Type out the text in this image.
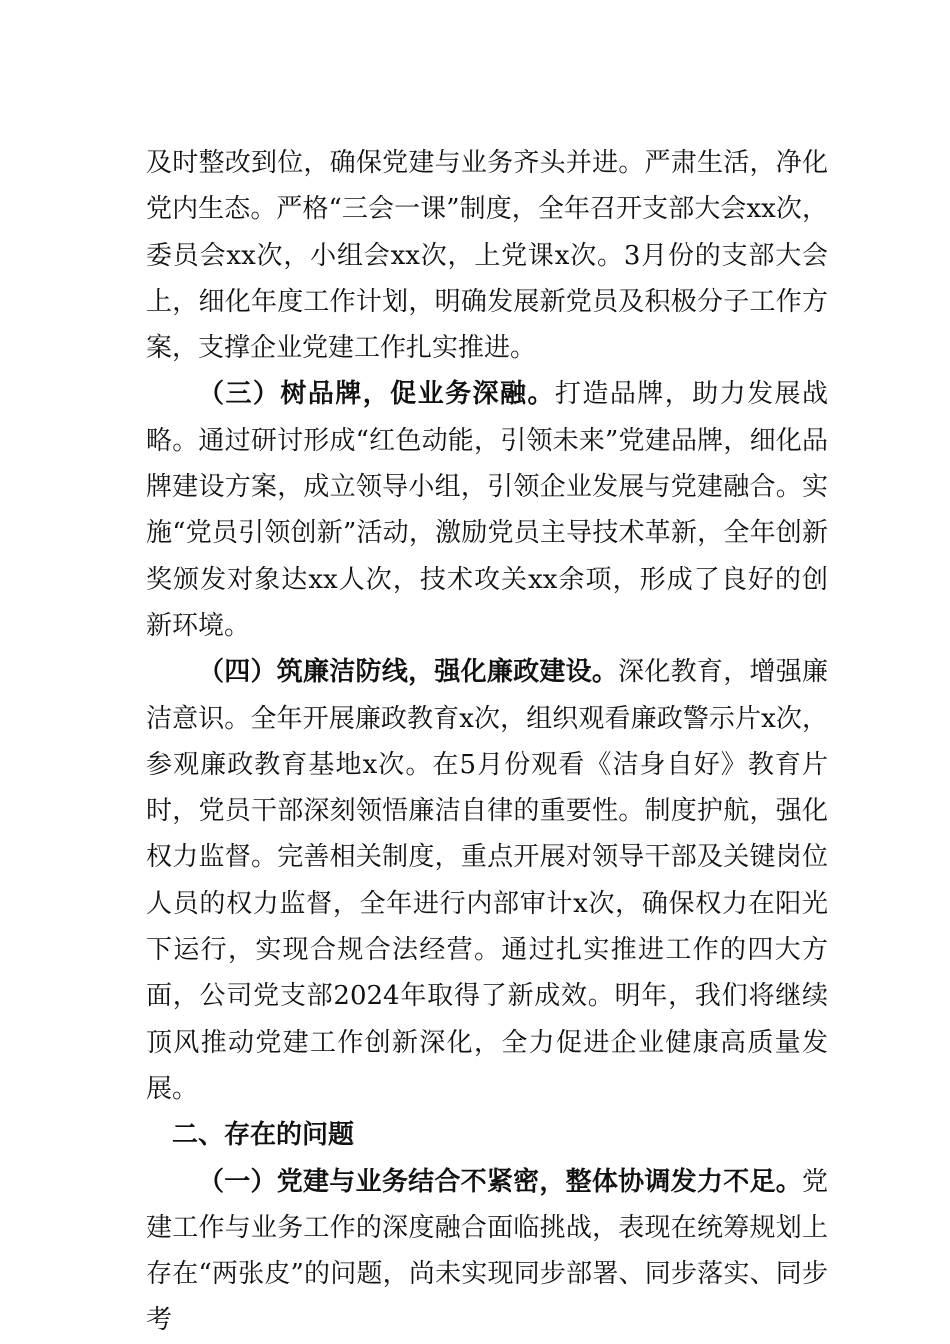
及时整改到位，确保党建与业务齐头并进。严肃生活，净化党内生态。严格“三会一课”制度，全年召开支部大会xx次，委员会xx次，小组会xx次，上党课x次。3月份的支部大会上，细化年度工作计划，明确发展新党员及积极分子工作方案，支撑企业党建工作扎实推进。

（三）树品牌，促业务深融。打造品牌，助力发展战略。通过研讨形成“红色动能，引领未来”党建品牌，细化品牌建设方案，成立领导小组，引领企业发展与党建融合。实施“党员引领创新”活动，激励党员主导技术革新，全年创新奖颁发对象达xx人次，技术攻关xx余项，形成了良好的创新环境。

（四）筑廉洁防线，强化廉政建设。深化教育，增强廉洁意识。全年开展廉政教育x次，组织观看廉政警示片x次，参观廉政教育基地x次。在5月份观看《洁身自好》教育片时，党员干部深刻领悟廉洁自律的重要性。制度护航，强化权力监督。完善相关制度，重点开展对领导干部及关键岗位人员的权力监督，全年进行内部审计x次，确保权力在阳光下运行，实现合规合法经营。通过扎实推进工作的四大方面，公司党支部2024年取得了新成效。明年，我们将继续顶风推动党建工作创新深化，全力促进企业健康高质量发展。

二、存在的问题

（一）党建与业务结合不紧密，整体协调发力不足。党建工作与业务工作的深度融合面临挑战，表现在统筹规划上存在“两张皮”的问题，尚未实现同步部署、同步落实、同步考
